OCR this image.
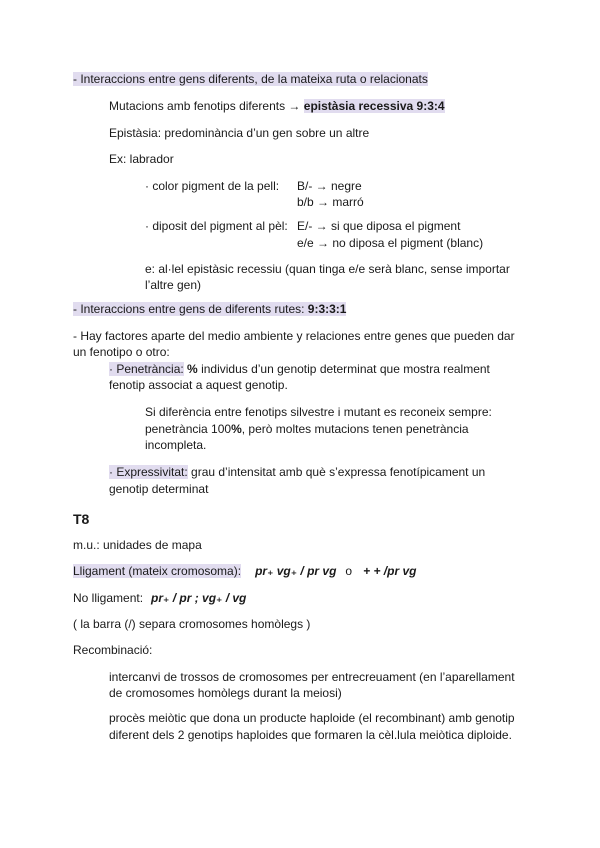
- Interaccions entre gens diferents, de la mateixa ruta o relacionats
Mutacions amb fenotips diferents → epistàsia recessiva 9:3:4
Epistàsia: predominància d’un gen sobre un altre
Ex: labrador
· color pigment de la pell: B/- → negre
b/b → marró
· diposit del pigment al pèl: E/- → si que diposa el pigment
e/e → no diposa el pigment (blanc)
e: al·lel epistàsic recessiu (quan tinga e/e serà blanc, sense importar
l’altre gen)
- Interaccions entre gens de diferents rutes: 9:3:3:1
- Hay factores aparte del medio ambiente y relaciones entre genes que pueden dar
un fenotipo o otro:
· Penetrància: % individus d’un genotip determinat que mostra realment
fenotip associat a aquest genotip.
Si diferència entre fenotips silvestre i mutant es reconeix sempre:
penetrància 100%, però moltes mutacions tenen penetrància
incompleta.
· Expressivitat: grau d’intensitat amb què s’expressa fenotípicament un
genotip determinat
T8
m.u.: unidades de mapa
Lligament (mateix cromosoma): pr₊ vg₊ / pr vg o + + /pr vg
No lligament: pr₊ / pr ; vg₊ / vg
( la barra (/) separa cromosomes homòlegs )
Recombinació:
intercanvi de trossos de cromosomes per entrecreuament (en l’aparellament
de cromosomes homòlegs durant la meiosi)
procès meiòtic que dona un producte haploide (el recombinant) amb genotip
diferent dels 2 genotips haploides que formaren la cèl.lula meiòtica diploide.
